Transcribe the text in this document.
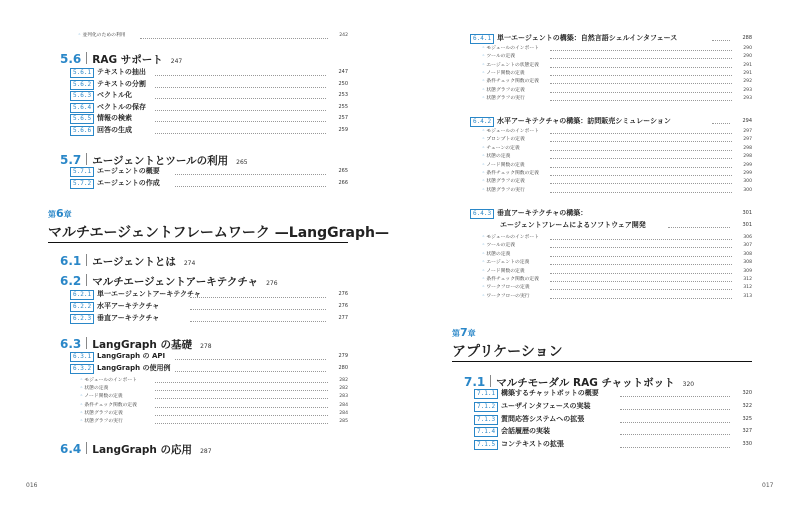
◦ 並列化のための利用	242
5.6 RAG サポート 247
5.6.1 テキストの抽出	247
5.6.2 テキストの分割	250
5.6.3 ベクトル化	253
5.6.4 ベクトルの保存	255
5.6.5 情報の検索	257
5.6.6 回答の生成	259
5.7 エージェントとツールの利用 265
5.7.1 エージェントの概要	265
5.7.2 エージェントの作成	266
第6章
マルチエージェントフレームワーク —LangGraph—
6.1 エージェントとは 274
6.2 マルチエージェントアーキテクチャ 276
6.2.1 単一エージェントアーキテクチャ	276
6.2.2 水平アーキテクチャ	276
6.2.3 垂直アーキテクチャ	277
6.3 LangGraph の基礎 278
6.3.1 LangGraph の API	279
6.3.2 LangGraph の使用例	280
◦ モジュールのインポート	282
◦ 状態の定義	282
◦ ノード関数の定義	283
◦ 条件チェック関数の定義	284
◦ 状態グラフの定義	284
◦ 状態グラフの実行	285
6.4 LangGraph の応用 287
016
6.4.1 単一エージェントの構築：自然言語シェルインタフェース	288
◦ モジュールのインポート	290
◦ ツールの定義	290
◦ エージェントの状態定義	291
◦ ノード関数の定義	291
◦ 条件チェック関数の定義	292
◦ 状態グラフの定義	293
◦ 状態グラフの実行	293
6.4.2 水平アーキテクチャの構築：訪問販売シミュレーション	294
◦ モジュールのインポート	297
◦ プロンプトの定義	297
◦ チェーンの定義	298
◦ 状態の定義	298
◦ ノード関数の定義	299
◦ 条件チェック関数の定義	299
◦ 状態グラフの定義	300
◦ 状態グラフの実行	300
6.4.3 垂直アーキテクチャの構築：	301
エージェントフレームによるソフトウェア開発	301
◦ モジュールのインポート	306
◦ ツールの定義	307
◦ 状態の定義	308
◦ エージェントの定義	308
◦ ノード関数の定義	309
◦ 条件チェック関数の定義	312
◦ ワークフローの定義	312
◦ ワークフローの実行	313
第7章
アプリケーション
7.1 マルチモーダル RAG チャットボット 320
7.1.1 構築するチャットボットの概要	320
7.1.2 ユーザインタフェースの実装	322
7.1.3 質問応答システムへの拡張	325
7.1.4 会話履歴の実装	327
7.1.5 コンテキストの拡張	330
017
